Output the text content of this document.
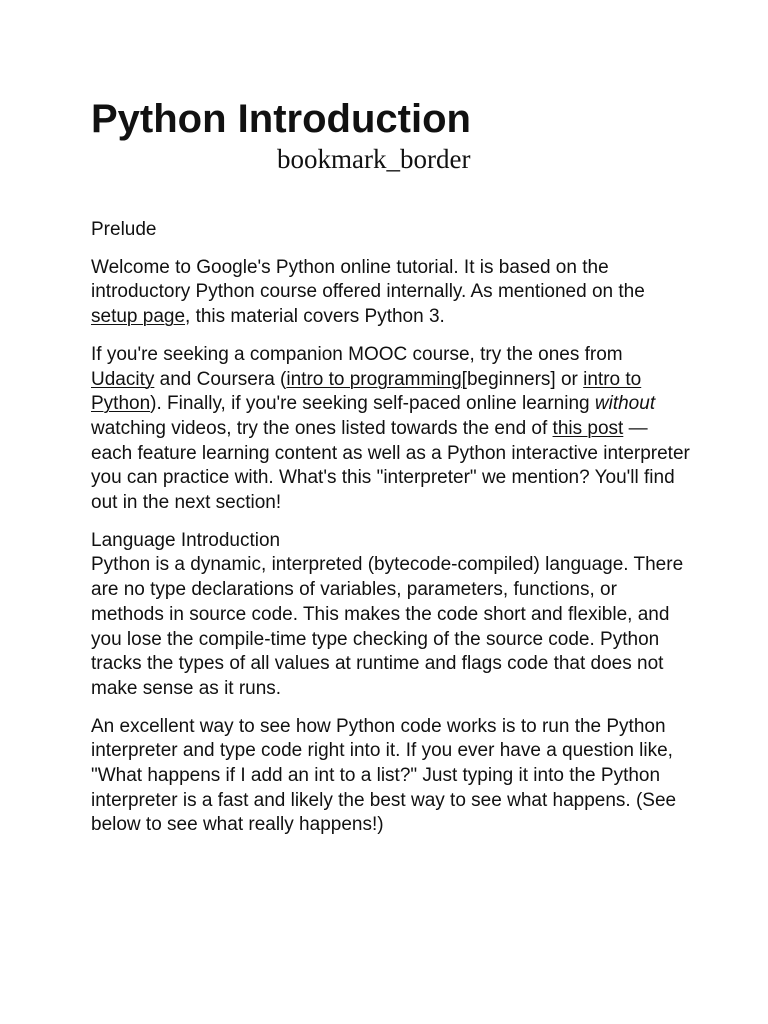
Python Introduction
bookmark_border

Prelude

Welcome to Google's Python online tutorial. It is based on the introductory Python course offered internally. As mentioned on the setup page, this material covers Python 3.

If you're seeking a companion MOOC course, try the ones from Udacity and Coursera (intro to programming[beginners] or intro to Python). Finally, if you're seeking self-paced online learning without watching videos, try the ones listed towards the end of this post — each feature learning content as well as a Python interactive interpreter you can practice with. What's this "interpreter" we mention? You'll find out in the next section!

Language Introduction

Python is a dynamic, interpreted (bytecode-compiled) language. There are no type declarations of variables, parameters, functions, or methods in source code. This makes the code short and flexible, and you lose the compile-time type checking of the source code. Python tracks the types of all values at runtime and flags code that does not make sense as it runs.

An excellent way to see how Python code works is to run the Python interpreter and type code right into it. If you ever have a question like, "What happens if I add an int to a list?" Just typing it into the Python interpreter is a fast and likely the best way to see what happens. (See below to see what really happens!)
